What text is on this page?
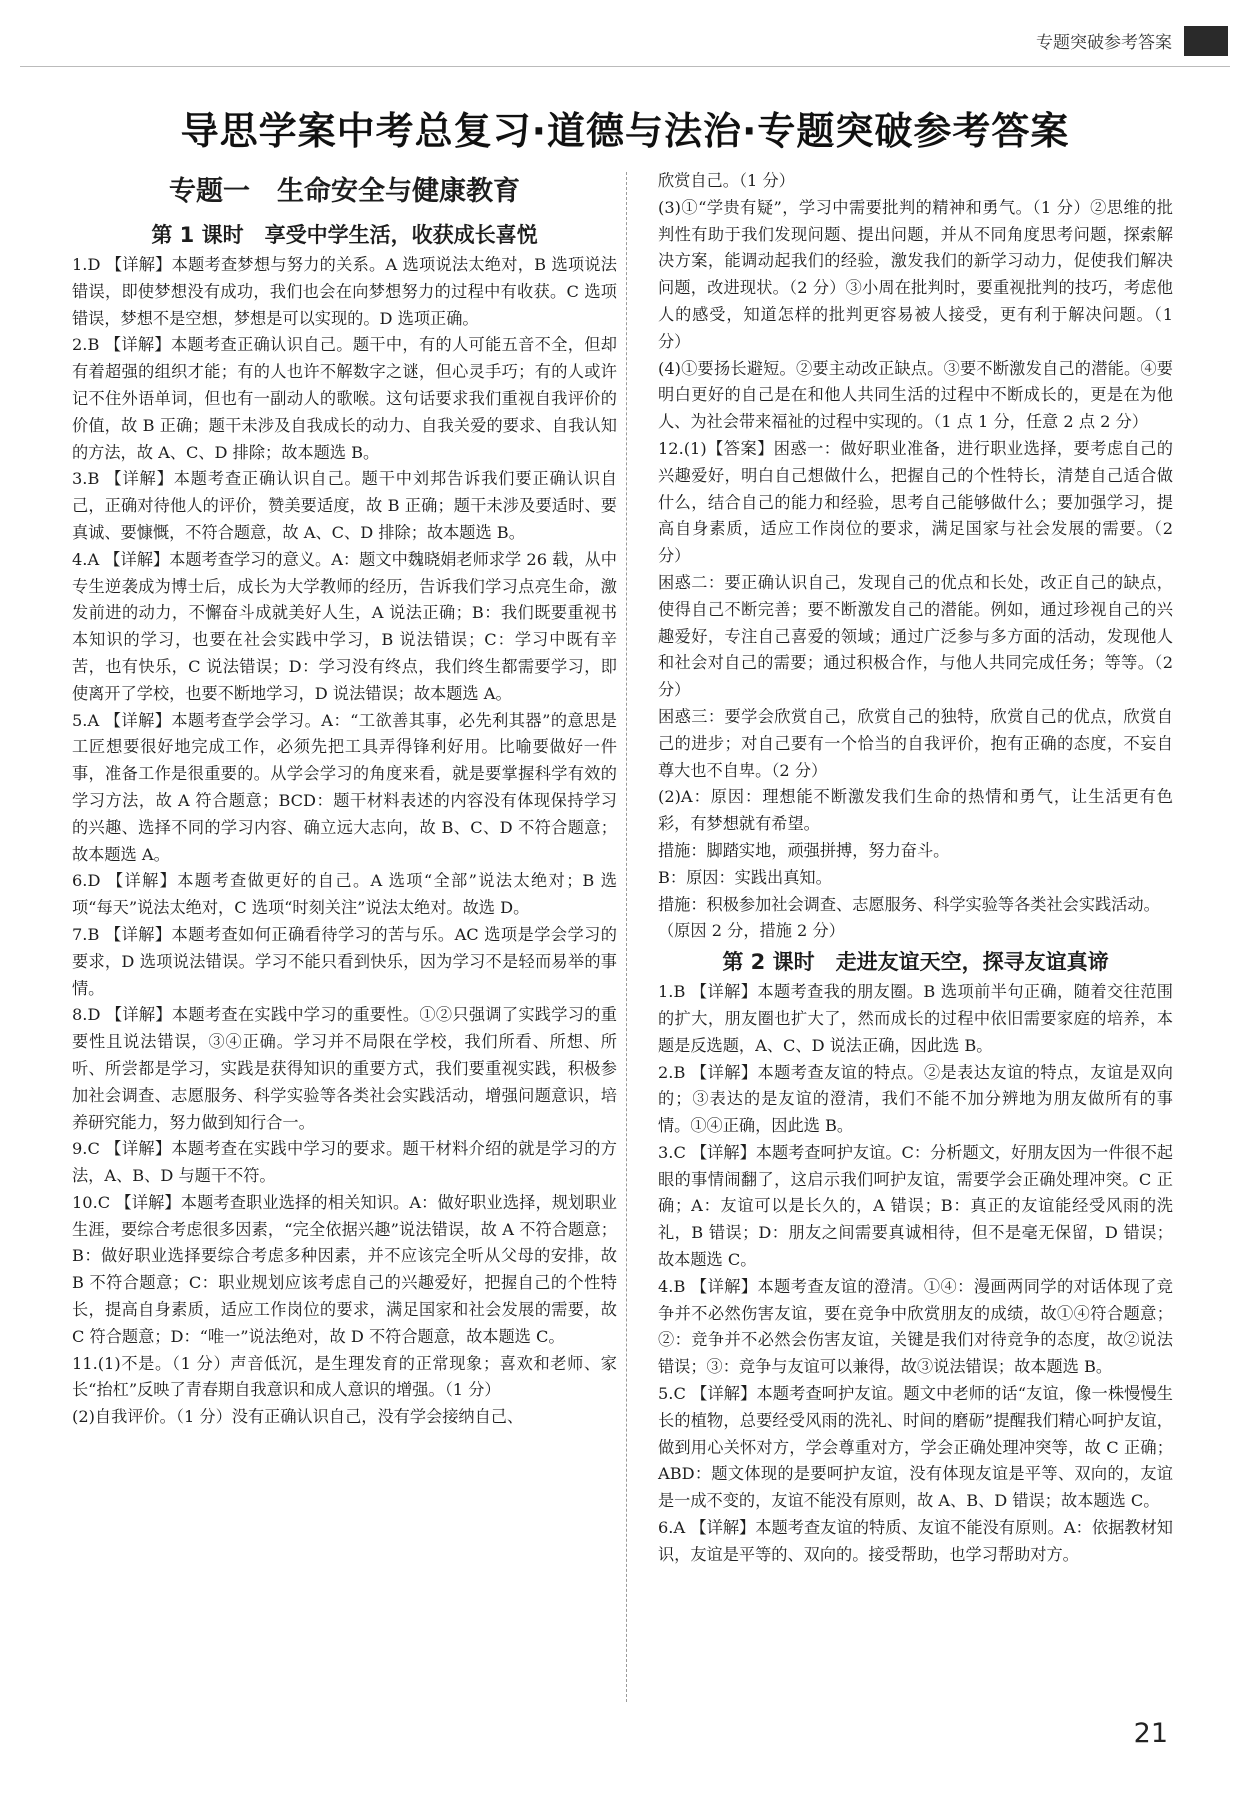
专题突破参考答案
导思学案中考总复习·道德与法治·专题突破参考答案
专题一　生命安全与健康教育
第 1 课时　享受中学生活，收获成长喜悦

1.D 【详解】本题考查梦想与努力的关系。A 选项说法太绝对，B 选项说法错误，即使梦想没有成功，我们也会在向梦想努力的过程中有收获。C 选项错误，梦想不是空想，梦想是可以实现的。D 选项正确。

2.B 【详解】本题考查正确认识自己。题干中，有的人可能五音不全，但却有着超强的组织才能；有的人也许不解数字之谜，但心灵手巧；有的人或许记不住外语单词，但也有一副动人的歌喉。这句话要求我们重视自我评价的价值，故 B 正确；题干未涉及自我成长的动力、自我关爱的要求、自我认知的方法，故 A、C、D 排除；故本题选 B。

3.B 【详解】本题考查正确认识自己。题干中刘邦告诉我们要正确认识自己，正确对待他人的评价，赞美要适度，故 B 正确；题干未涉及要适时、要真诚、要慷慨，不符合题意，故 A、C、D 排除；故本题选 B。

4.A 【详解】本题考查学习的意义。A：题文中魏晓娟老师求学 26 载，从中专生逆袭成为博士后，成长为大学教师的经历，告诉我们学习点亮生命，激发前进的动力，不懈奋斗成就美好人生，A 说法正确；B：我们既要重视书本知识的学习，也要在社会实践中学习，B 说法错误；C：学习中既有辛苦，也有快乐，C 说法错误；D：学习没有终点，我们终生都需要学习，即使离开了学校，也要不断地学习，D 说法错误；故本题选 A。

5.A 【详解】本题考查学会学习。A：“工欲善其事，必先利其器”的意思是工匠想要很好地完成工作，必须先把工具弄得锋利好用。比喻要做好一件事，准备工作是很重要的。从学会学习的角度来看，就是要掌握科学有效的学习方法，故 A 符合题意；BCD：题干材料表述的内容没有体现保持学习的兴趣、选择不同的学习内容、确立远大志向，故 B、C、D 不符合题意；故本题选 A。

6.D 【详解】本题考查做更好的自己。A 选项“全部”说法太绝对；B 选项“每天”说法太绝对，C 选项“时刻关注”说法太绝对。故选 D。

7.B 【详解】本题考查如何正确看待学习的苦与乐。AC 选项是学会学习的要求，D 选项说法错误。学习不能只看到快乐，因为学习不是轻而易举的事情。

8.D 【详解】本题考查在实践中学习的重要性。①②只强调了实践学习的重要性且说法错误，③④正确。学习并不局限在学校，我们所看、所想、所听、所尝都是学习，实践是获得知识的重要方式，我们要重视实践，积极参加社会调查、志愿服务、科学实验等各类社会实践活动，增强问题意识，培养研究能力，努力做到知行合一。

9.C 【详解】本题考查在实践中学习的要求。题干材料介绍的就是学习的方法，A、B、D 与题干不符。

10.C 【详解】本题考查职业选择的相关知识。A：做好职业选择，规划职业生涯，要综合考虑很多因素，“完全依据兴趣”说法错误，故 A 不符合题意；B：做好职业选择要综合考虑多种因素，并不应该完全听从父母的安排，故 B 不符合题意；C：职业规划应该考虑自己的兴趣爱好，把握自己的个性特长，提高自身素质，适应工作岗位的要求，满足国家和社会发展的需要，故 C 符合题意；D：“唯一”说法绝对，故 D 不符合题意，故本题选 C。

11.(1)不是。（1 分）声音低沉，是生理发育的正常现象；喜欢和老师、家长“抬杠”反映了青春期自我意识和成人意识的增强。（1 分）

(2)自我评价。（1 分）没有正确认识自己，没有学会接纳自己、

欣赏自己。（1 分）

(3)①“学贵有疑”，学习中需要批判的精神和勇气。（1 分）②思维的批判性有助于我们发现问题、提出问题，并从不同角度思考问题，探索解决方案，能调动起我们的经验，激发我们的新学习动力，促使我们解决问题，改进现状。（2 分）③小周在批判时，要重视批判的技巧，考虑他人的感受，知道怎样的批判更容易被人接受，更有利于解决问题。（1 分）

(4)①要扬长避短。②要主动改正缺点。③要不断激发自己的潜能。④要明白更好的自己是在和他人共同生活的过程中不断成长的，更是在为他人、为社会带来福祉的过程中实现的。（1 点 1 分，任意 2 点 2 分）

12.(1)【答案】困惑一：做好职业准备，进行职业选择，要考虑自己的兴趣爱好，明白自己想做什么，把握自己的个性特长，清楚自己适合做什么，结合自己的能力和经验，思考自己能够做什么；要加强学习，提高自身素质，适应工作岗位的要求，满足国家与社会发展的需要。（2 分）

困惑二：要正确认识自己，发现自己的优点和长处，改正自己的缺点，使得自己不断完善；要不断激发自己的潜能。例如，通过珍视自己的兴趣爱好，专注自己喜爱的领域；通过广泛参与多方面的活动，发现他人和社会对自己的需要；通过积极合作，与他人共同完成任务；等等。（2 分）

困惑三：要学会欣赏自己，欣赏自己的独特，欣赏自己的优点，欣赏自己的进步；对自己要有一个恰当的自我评价，抱有正确的态度，不妄自尊大也不自卑。（2 分）

(2)A：原因：理想能不断激发我们生命的热情和勇气，让生活更有色彩，有梦想就有希望。

措施：脚踏实地，顽强拼搏，努力奋斗。

B：原因：实践出真知。

措施：积极参加社会调查、志愿服务、科学实验等各类社会实践活动。

（原因 2 分，措施 2 分）

第 2 课时　走进友谊天空，探寻友谊真谛

1.B 【详解】本题考查我的朋友圈。B 选项前半句正确，随着交往范围的扩大，朋友圈也扩大了，然而成长的过程中依旧需要家庭的培养，本题是反选题，A、C、D 说法正确，因此选 B。

2.B 【详解】本题考查友谊的特点。②是表达友谊的特点，友谊是双向的；③表达的是友谊的澄清，我们不能不加分辨地为朋友做所有的事情。①④正确，因此选 B。

3.C 【详解】本题考查呵护友谊。C：分析题文，好朋友因为一件很不起眼的事情闹翻了，这启示我们呵护友谊，需要学会正确处理冲突。C 正确；A：友谊可以是长久的，A 错误；B：真正的友谊能经受风雨的洗礼，B 错误；D：朋友之间需要真诚相待，但不是毫无保留，D 错误；故本题选 C。

4.B 【详解】本题考查友谊的澄清。①④：漫画两同学的对话体现了竞争并不必然伤害友谊，要在竞争中欣赏朋友的成绩，故①④符合题意；②：竞争并不必然会伤害友谊，关键是我们对待竞争的态度，故②说法错误；③：竞争与友谊可以兼得，故③说法错误；故本题选 B。

5.C 【详解】本题考查呵护友谊。题文中老师的话“友谊，像一株慢慢生长的植物，总要经受风雨的洗礼、时间的磨砺”提醒我们精心呵护友谊，做到用心关怀对方，学会尊重对方，学会正确处理冲突等，故 C 正确；ABD：题文体现的是要呵护友谊，没有体现友谊是平等、双向的，友谊是一成不变的，友谊不能没有原则，故 A、B、D 错误；故本题选 C。

6.A 【详解】本题考查友谊的特质、友谊不能没有原则。A：依据教材知识，友谊是平等的、双向的。接受帮助，也学习帮助对方。

21
